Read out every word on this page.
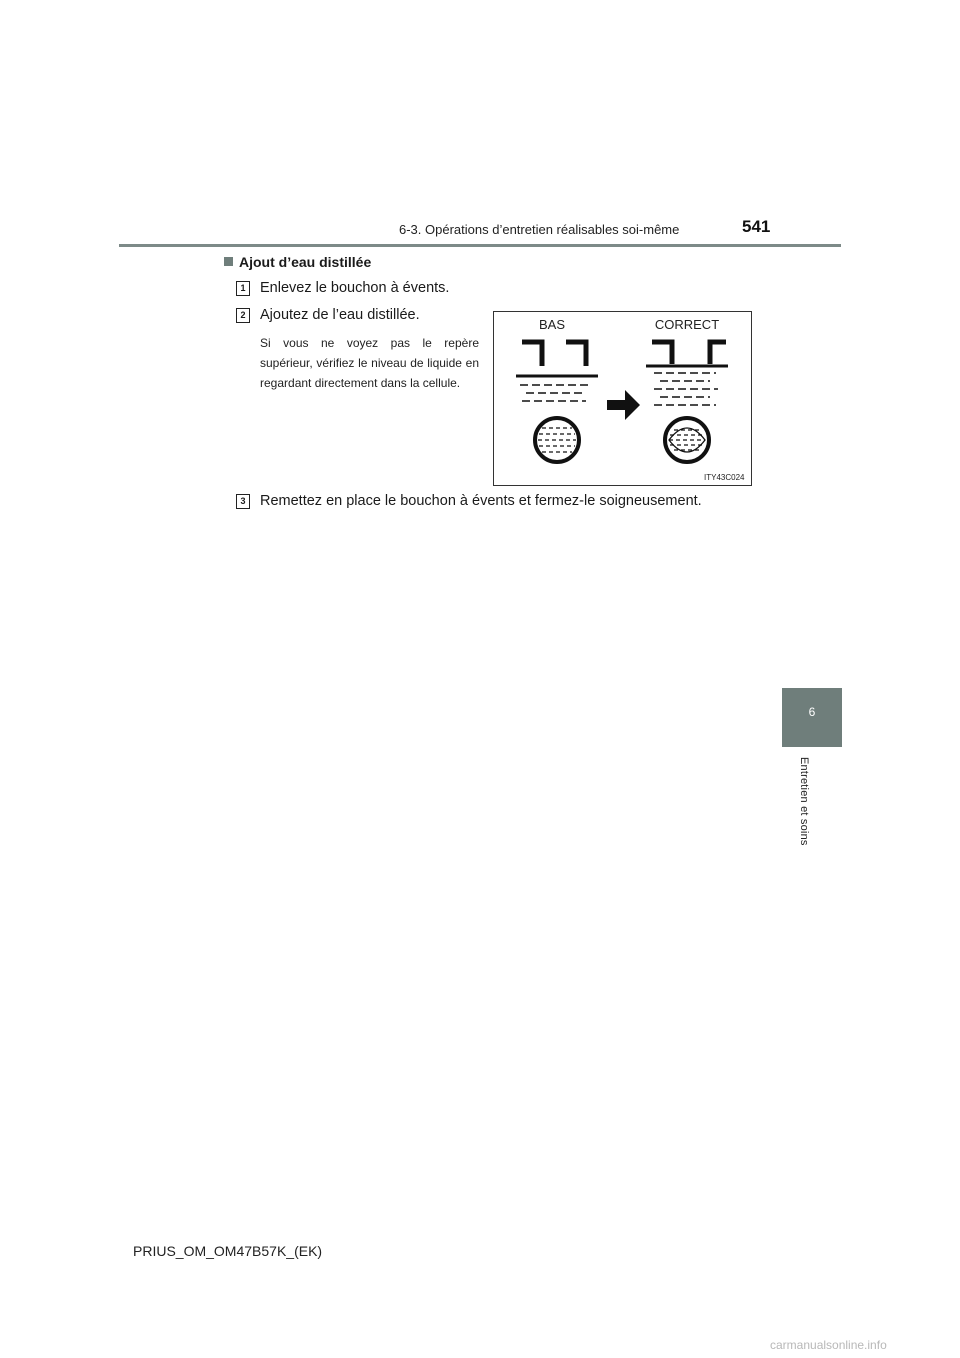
6-3. Opérations d’entretien réalisables soi-même	541
6
Entretien et soins
Ajout d’eau distillée
1	Enlevez le bouchon à évents.
2	Ajoutez de l’eau distillée.
Si vous ne voyez pas le repère supérieur, vérifiez le niveau de liquide en regardant directement dans la cellule.
BAS	CORRECT
ITY43C024
3	Remettez en place le bouchon à évents et fermez-le soigneusement.
PRIUS_OM_OM47B57K_(EK)
carmanualsonline.info
